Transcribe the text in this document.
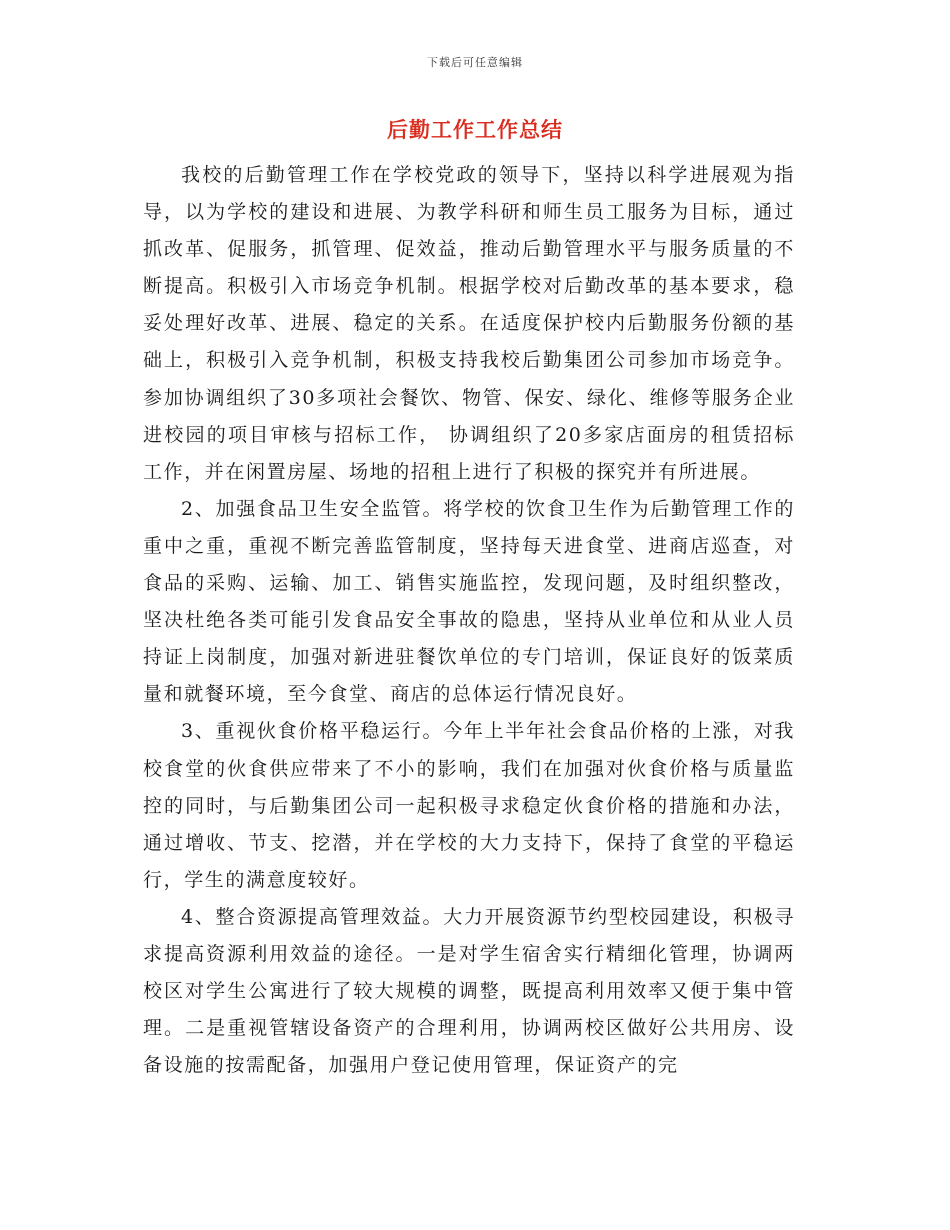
下载后可任意编辑
后勤工作工作总结

我校的后勤管理工作在学校党政的领导下，坚持以科学进展观为指导，以为学校的建设和进展、为教学科研和师生员工服务为目标，通过抓改革、促服务，抓管理、促效益，推动后勤管理水平与服务质量的不断提高。积极引入市场竞争机制。根据学校对后勤改革的基本要求，稳妥处理好改革、进展、稳定的关系。在适度保护校内后勤服务份额的基础上，积极引入竞争机制，积极支持我校后勤集团公司参加市场竞争。参加协调组织了30多项社会餐饮、物管、保安、绿化、维修等服务企业进校园的项目审核与招标工作， 协调组织了20多家店面房的租赁招标工作，并在闲置房屋、场地的招租上进行了积极的探究并有所进展。

2、加强食品卫生安全监管。将学校的饮食卫生作为后勤管理工作的重中之重，重视不断完善监管制度，坚持每天进食堂、进商店巡查，对食品的采购、运输、加工、销售实施监控，发现问题，及时组织整改，坚决杜绝各类可能引发食品安全事故的隐患，坚持从业单位和从业人员持证上岗制度，加强对新进驻餐饮单位的专门培训，保证良好的饭菜质量和就餐环境，至今食堂、商店的总体运行情况良好。

3、重视伙食价格平稳运行。今年上半年社会食品价格的上涨，对我校食堂的伙食供应带来了不小的影响，我们在加强对伙食价格与质量监控的同时，与后勤集团公司一起积极寻求稳定伙食价格的措施和办法，通过增收、节支、挖潜，并在学校的大力支持下，保持了食堂的平稳运行，学生的满意度较好。

4、整合资源提高管理效益。大力开展资源节约型校园建设，积极寻求提高资源利用效益的途径。一是对学生宿舍实行精细化管理，协调两校区对学生公寓进行了较大规模的调整，既提高利用效率又便于集中管理。二是重视管辖设备资产的合理利用，协调两校区做好公共用房、设备设施的按需配备，加强用户登记使用管理，保证资产的完
